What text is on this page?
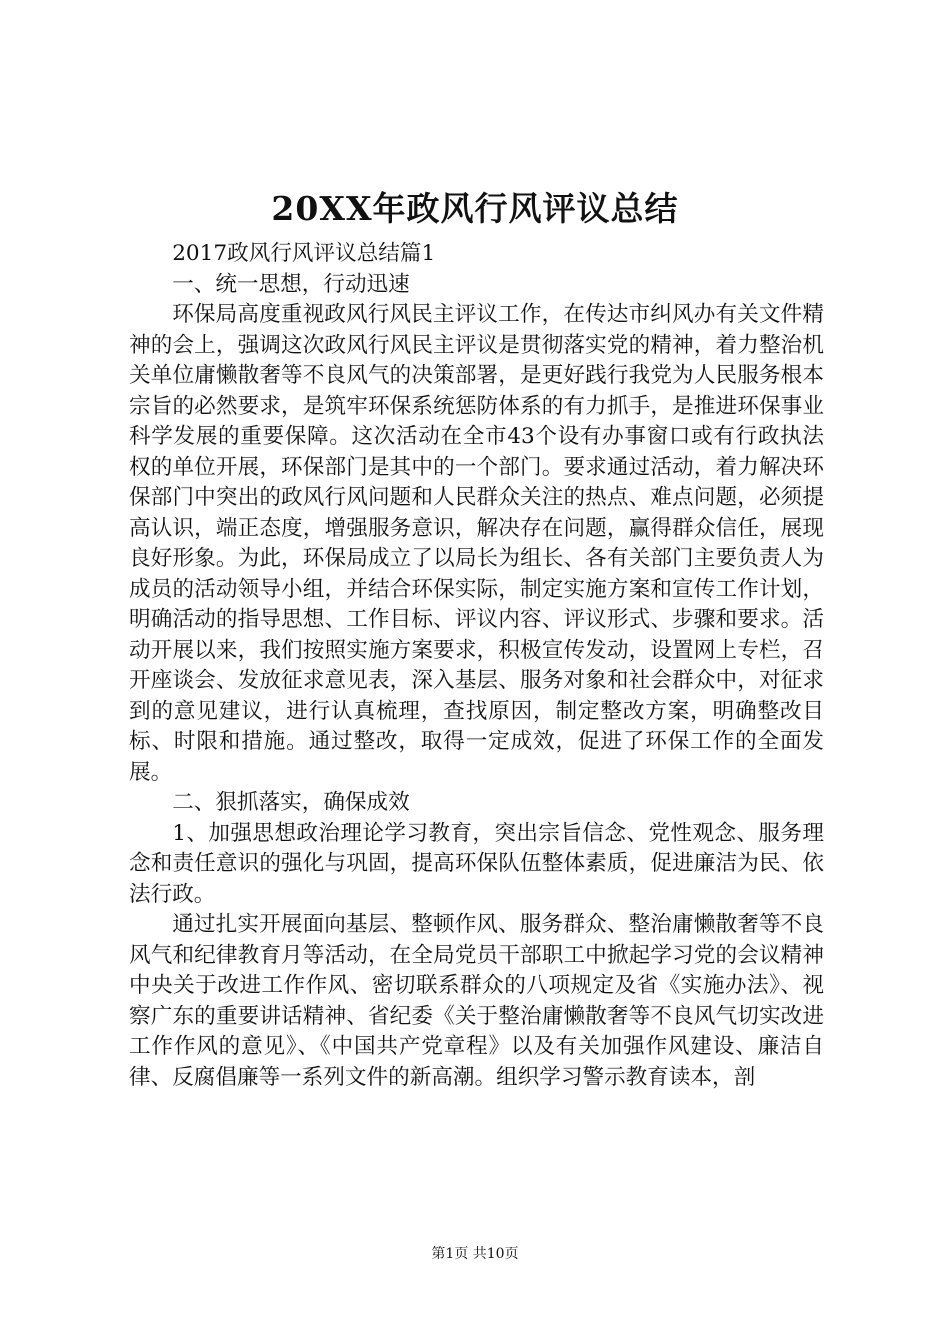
20XX年政风行风评议总结

2017政风行风评议总结篇1

一、统一思想，行动迅速

环保局高度重视政风行风民主评议工作，在传达市纠风办有关文件精神的会上，强调这次政风行风民主评议是贯彻落实党的精神，着力整治机关单位庸懒散奢等不良风气的决策部署，是更好践行我党为人民服务根本宗旨的必然要求，是筑牢环保系统惩防体系的有力抓手，是推进环保事业科学发展的重要保障。这次活动在全市43个设有办事窗口或有行政执法权的单位开展，环保部门是其中的一个部门。要求通过活动，着力解决环保部门中突出的政风行风问题和人民群众关注的热点、难点问题，必须提高认识，端正态度，增强服务意识，解决存在问题，赢得群众信任，展现良好形象。为此，环保局成立了以局长为组长、各有关部门主要负责人为成员的活动领导小组，并结合环保实际，制定实施方案和宣传工作计划，明确活动的指导思想、工作目标、评议内容、评议形式、步骤和要求。活动开展以来，我们按照实施方案要求，积极宣传发动，设置网上专栏，召开座谈会、发放征求意见表，深入基层、服务对象和社会群众中，对征求到的意见建议，进行认真梳理，查找原因，制定整改方案，明确整改目标、时限和措施。通过整改，取得一定成效，促进了环保工作的全面发展。

二、狠抓落实，确保成效

1、加强思想政治理论学习教育，突出宗旨信念、党性观念、服务理念和责任意识的强化与巩固，提高环保队伍整体素质，促进廉洁为民、依法行政。

通过扎实开展面向基层、整顿作风、服务群众、整治庸懒散奢等不良风气和纪律教育月等活动，在全局党员干部职工中掀起学习党的会议精神中央关于改进工作作风、密切联系群众的八项规定及省《实施办法》、视察广东的重要讲话精神、省纪委《关于整治庸懒散奢等不良风气切实改进工作作风的意见》、《中国共产党章程》以及有关加强作风建设、廉洁自律、反腐倡廉等一系列文件的新高潮。组织学习警示教育读本，剖

第1页 共10页
